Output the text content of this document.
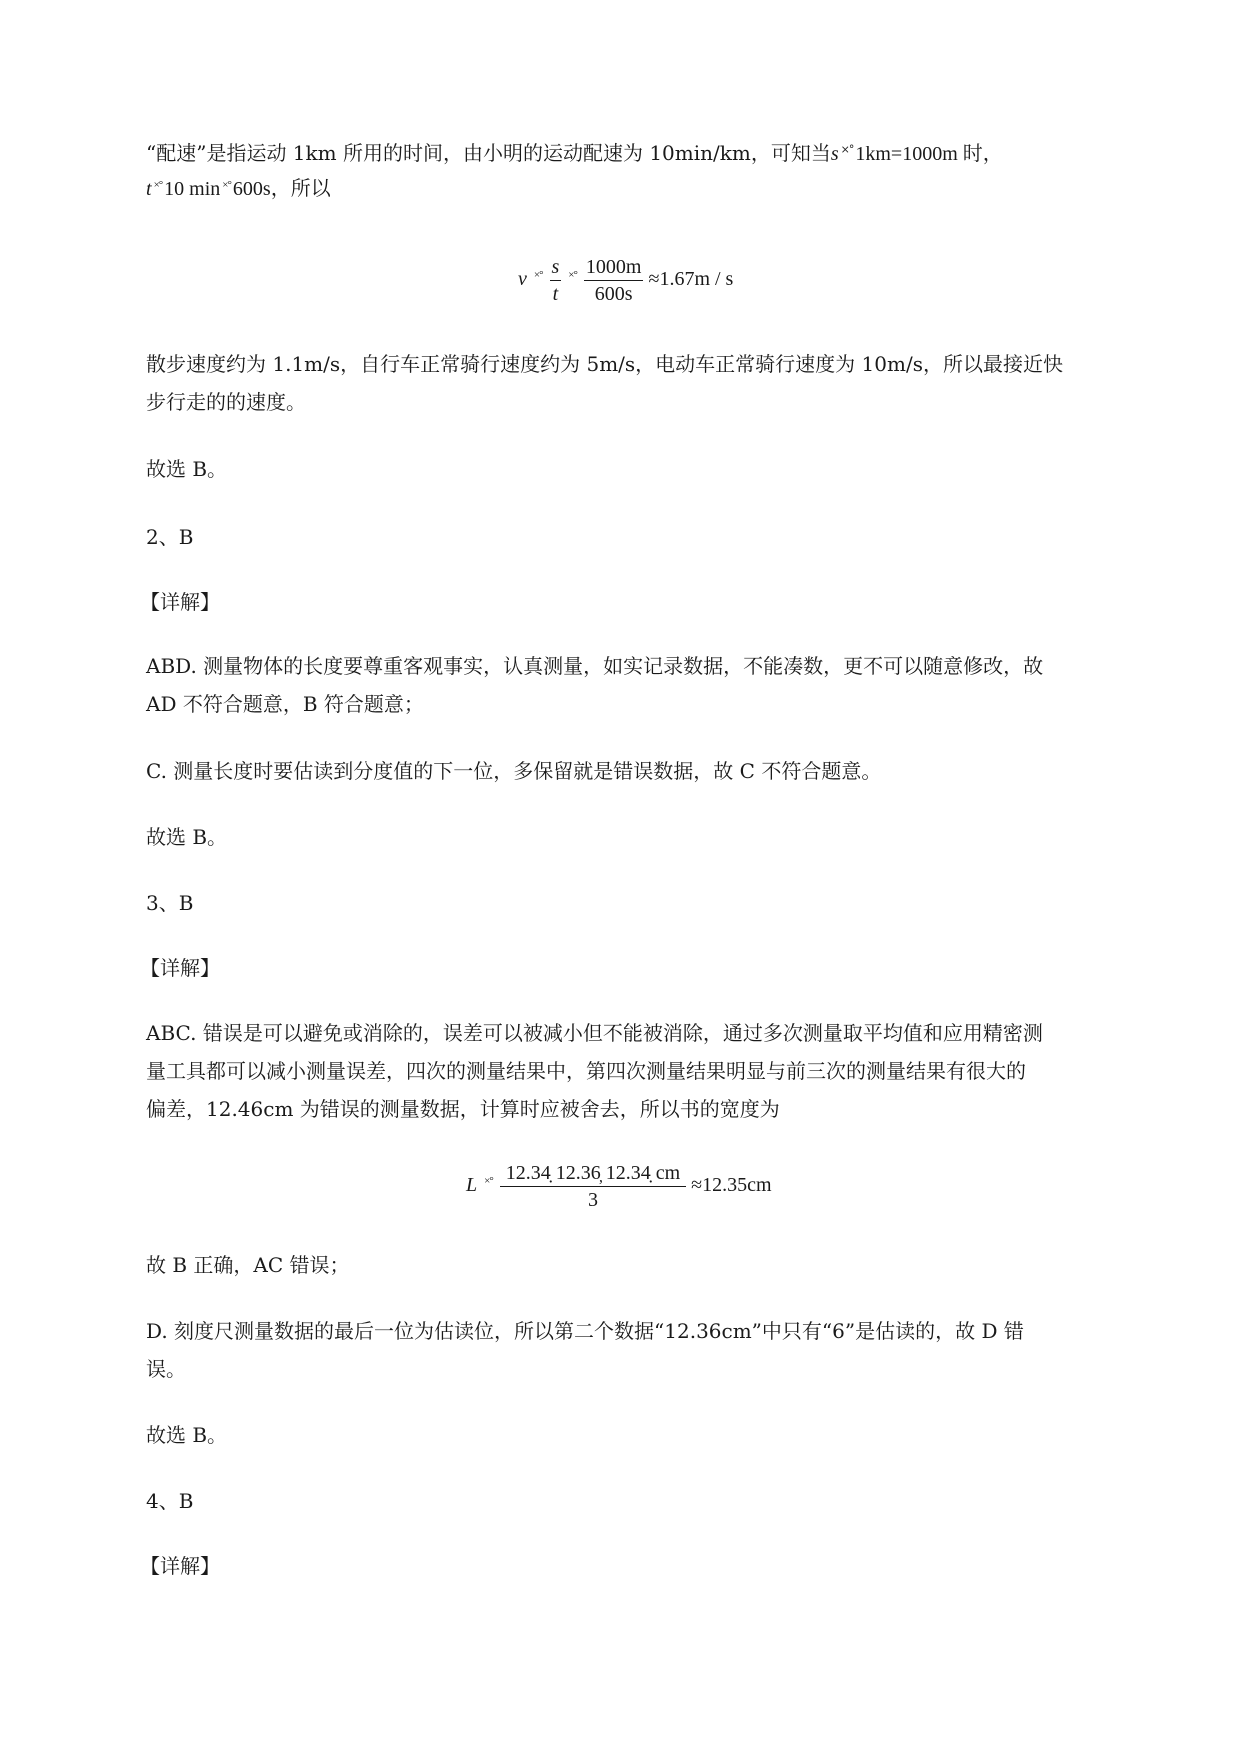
“配速”是指运动 1km 所用的时间，由小明的运动配速为 10min/km，可知当s ×° 1km=1000m 时，
t ×° 10 min ×° 600s，所以
v $^{\times^\circ} \frac{s}{t} ^{\times^\circ} \frac{1000m}{600s} \approx 1.67m / s$
散步速度约为 1.1m/s，自行车正常骑行速度约为 5m/s，电动车正常骑行速度为 10m/s，所以最接近快
步行走的的速度。
故选 B。
2、B
【详解】
ABD. 测量物体的长度要尊重客观事实，认真测量，如实记录数据，不能凑数，更不可以随意修改，故
AD 不符合题意，B 符合题意；
C. 测量长度时要估读到分度值的下一位，多保留就是错误数据，故 C 不符合题意。
故选 B。
3、B
【详解】
ABC. 错误是可以避免或消除的，误差可以被减小但不能被消除，通过多次测量取平均值和应用精密测
量工具都可以减小测量误差，四次的测量结果中，第四次测量结果明显与前三次的测量结果有很大的
偏差，12.46cm 为错误的测量数据，计算时应被舍去，所以书的宽度为
L $^{\times^\circ} \frac{12.34̣ 12.36̦ 12.34̣ cm}{3} \approx 12.35cm$
故 B 正确，AC 错误；
D. 刻度尺测量数据的最后一位为估读位，所以第二个数据“12.36cm”中只有“6”是估读的，故 D 错
误。
故选 B。
4、B
【详解】
